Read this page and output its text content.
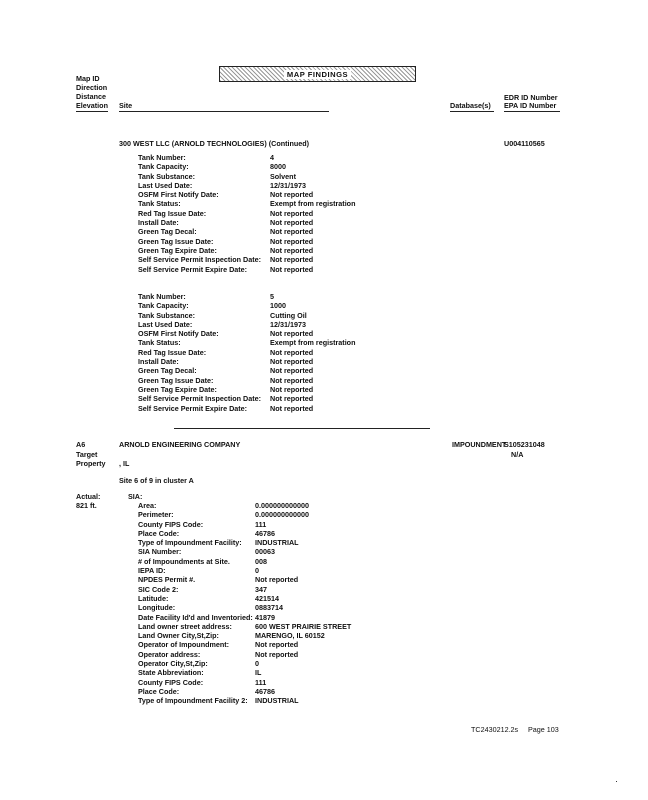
MAP FINDINGS
Map ID
Direction
Distance
Elevation Site	Database(s)
EDR ID Number
EPA ID Number
300 WEST LLC (ARNOLD TECHNOLOGIES) (Continued)	U004110565
Tank Number:	4
Tank Capacity:	8000
Tank Substance:	Solvent
Last Used Date:	12/31/1973
OSFM First Notify Date:	Not reported
Tank Status:	Exempt from registration
Red Tag Issue Date:	Not reported
Install Date:	Not reported
Green Tag Decal:	Not reported
Green Tag Issue Date:	Not reported
Green Tag Expire Date:	Not reported
Self Service Permit Inspection Date: Not reported
Self Service Permit Expire Date:	Not reported
Tank Number:	5
Tank Capacity:	1000
Tank Substance:	Cutting Oil
Last Used Date:	12/31/1973
OSFM First Notify Date:	Not reported
Tank Status:	Exempt from registration
Red Tag Issue Date:	Not reported
Install Date:	Not reported
Green Tag Decal:	Not reported
Green Tag Issue Date:	Not reported
Green Tag Expire Date:	Not reported
Self Service Permit Inspection Date: Not reported
Self Service Permit Expire Date:	Not reported
A6
Target
Property
ARNOLD ENGINEERING COMPANY
, IL
IMPOUNDMENT
S105231048
N/A
Site 6 of 9 in cluster A
Actual:
821 ft.
SIA:
Area:	0.000000000000
Perimeter:	0.000000000000
County FIPS Code:	111
Place Code:	46786
Type of Impoundment Facility: INDUSTRIAL
SIA Number:	00063
# of Impoundments at Site.	008
IEPA ID:	0
NPDES Permit #.	Not reported
SIC Code 2:	347
Latitude:	421514
Longitude:	0883714
Date Facility Id'd and Inventoried: 41879
Land owner street address:	600 WEST PRAIRIE STREET
Land Owner City,St,Zip:	MARENGO, IL 60152
Operator of Impoundment:	Not reported
Operator address:	Not reported
Operator City,St,Zip:	0
State Abbreviation:	IL
County FIPS Code:	111
Place Code:	46786
Type of Impoundment Facility 2: INDUSTRIAL
TC2430212.2s Page 103
